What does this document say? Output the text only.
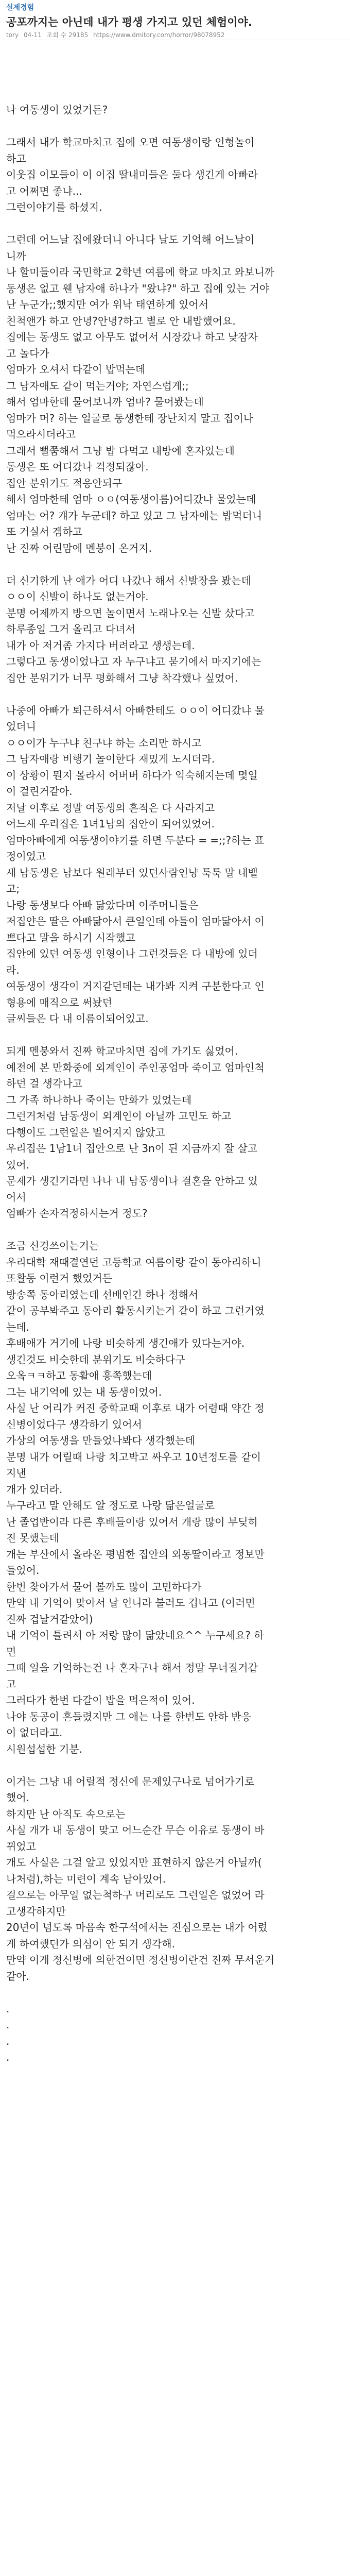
실제경험
공포까지는 아닌데 내가 평생 가지고 있던 체험이야.
tory 04-11 조회 수 29185 https://www.dmitory.com/horror/98078952
나 여동생이 있었거든?
그래서 내가 학교마치고 집에 오면 여동생이랑 인형놀이
하고
이웃집 이모들이 이 이집 딸내미들은 둘다 생긴게 아빠라
고 어쩌면 좋냐...
그런이야기를 하셨지.
그런데 어느날 집에왔더니 아니다 날도 기억해 어느날이
니까
나 할미들이라 국민학교 2학년 여름에 학교 마치고 와보니까
동생은 없고 웬 남자애 하나가 "왔냐?" 하고 집에 있는 거야
난 누군가;;했지만 여가 위낙 태연하게 있어서
친척앤가 하고 안녕?안녕?하고 별로 안 내밥했어요.
집에는 동생도 없고 아무도 없어서 시장갔나 하고 낮잠자
고 놀다가
엄마가 오셔서 다같이 밥먹는데
그 남자애도 같이 먹는거야; 자연스럽게;;
해서 엄마한테 물어보니까 엄마? 물어봤는데
엄마가 머? 하는 얼굴로 동생한테 장난치지 말고 집이나
먹으라시더라고
그래서 뻘쭘해서 그냥 밥 다먹고 내방에 혼자있는데
동생은 또 어디갔나 걱정되잖아.
집안 분위기도 적응안되구
해서 엄마한테 엄마 ㅇㅇ(여동생이름)어디갔냐 물었는데
엄마는 어? 걔가 누군데? 하고 있고 그 남자애는 밥먹더니
또 거실서 겜하고
난 진짜 어린맘에 멘붕이 온거지.
더 신기한게 난 애가 어디 나갔나 해서 신발장을 봤는데
ㅇㅇ이 신발이 하나도 없는거야.
분명 어제까지 방으면 놀이면서 노래나오는 신발 샀다고
하루종일 그거 올리고 다녀서
내가 아 저거좀 가지다 버려라고 생생는데.
그렇다고 동생이었나고 자 누구냐고 묻기에서 마지기에는
집안 분위기가 너무 평화해서 그냥 착각했나 싶었어.
나중에 아빠가 퇴근하셔서 아빠한테도 ㅇㅇ이 어디갔냐 물
었더니
ㅇㅇ이가 누구냐 친구냐 하는 소리만 하시고
그 남자애랑 비행기 놀이한다 재밌게 노시더라.
이 상황이 뭔지 몰라서 어버버 하다가 익숙해지는데 몇일
이 걸린거같아.
저날 이후로 정말 여동생의 흔적은 다 사라지고
어느새 우리집은 1녀1남의 집안이 되어있었어.
엄마아빠에게 여동생이야기를 하면 두분다 = =;;?하는 표
정이었고
새 남동생은 남보다 원래부터 있던사람인냥 툭툭 말 내뱉
고;
나랑 동생보다 아빠 닮았다며 이주머니들은
저집얀은 딸은 아빠닮아서 큰일인데 아들이 엄마닮아서 이
쁘다고 말을 하시기 시작했고
집안에 있던 여동생 인형이나 그런것들은 다 내방에 있더
라.
여동생이 생각이 거지같던데는 내가봐 지켜 구분한다고 인
형용에 매직으로 써놨던
글씨들은 다 내 이름이되어있고.
되게 멘붕와서 진짜 학교마치면 집에 가기도 싫었어.
예전에 본 만화중에 외계인이 주인공엄마 죽이고 엄마인척
하던 걸 생각나고
그 가족 하나하나 죽이는 만화가 있었는데
그런거처럼 남동생이 외계인이 아닐까 고민도 하고
다행이도 그런일은 벌어지지 않았고
우리집은 1남1녀 집안으로 난 3n이 된 지금까지 잘 살고
있어.
문제가 생긴거라면 나나 내 남동생이나 결혼을 안하고 있
어서
엄빠가 손자걱정하시는거 정도?
조금 신경쓰이는거는
우리대학 재때결연던 고등학교 여름이랑 같이 동아리하니
또활동 이런거 했었거든
방송쪽 동아리였는데 선배인긴 하나 정해서
같이 공부봐주고 동아리 활동시키는거 같이 하고 그런거였
는데.
후배애가 거기에 나랑 비슷하게 생긴애가 있다는거야.
생긴것도 비슷한데 분위기도 비슷하다구
오옼ㅋㅋ하고 동활애 흥쪽했는데
그는 내기억에 있는 내 동생이었어.
사실 난 어리가 커진 중학교때 이후로 내가 어렴때 약간 정
신병이었다구 생각하기 있어서
가상의 여동생을 만들었나봐다 생각했는데
분명 내가 어릴때 나랑 치고박고 싸우고 10년정도를 같이
지낸
개가 있더라.
누구라고 말 안해도 알 정도로 나랑 닮은얼굴로
난 졸업반이라 다른 후배들이랑 있어서 개랑 많이 부딪히
진 못했는데
개는 부산에서 올라온 평범한 집안의 외동딸이라고 정보만
들었어.
한번 찾아가서 물어 볼까도 많이 고민하다가
만약 내 기억이 맞아서 날 언니라 불러도 겁나고 (이러면
진짜 겁날거같았어)
내 기억이 틀려서 아 저랑 많이 닮았네요^^ 누구세요? 하
면
그때 일을 기억하는건 나 혼자구나 해서 정말 무너질거같
고
그러다가 한번 다갈이 밥을 먹은적이 있어.
나야 동공이 흔들렸지만 그 애는 나를 한번도 안하 반응
이 없더라고.
시원섭섭한 기분.
이거는 그냥 내 어릴적 정신에 문제있구나로 넘어가기로
했어.
하지만 난 아직도 속으로는
사실 개가 내 동생이 맞고 어느순간 무슨 이유로 동생이 바
뀌었고
개도 사실은 그걸 알고 있었지만 표현하지 않은거 아닐까(
나처럼),하는 미련이 계속 남아있어.
걸으로는 아무일 없는척하구 머리로도 그런일은 없었어 라
고생각하지만
20년이 넘도록 마음속 한구석에서는 진심으로는 내가 어렸
게 하여했던가 의심이 안 되거 생각해.
만약 이게 정신병에 의한건이면 정신병이란건 진짜 무서운거
같아.
.
.
.
.
